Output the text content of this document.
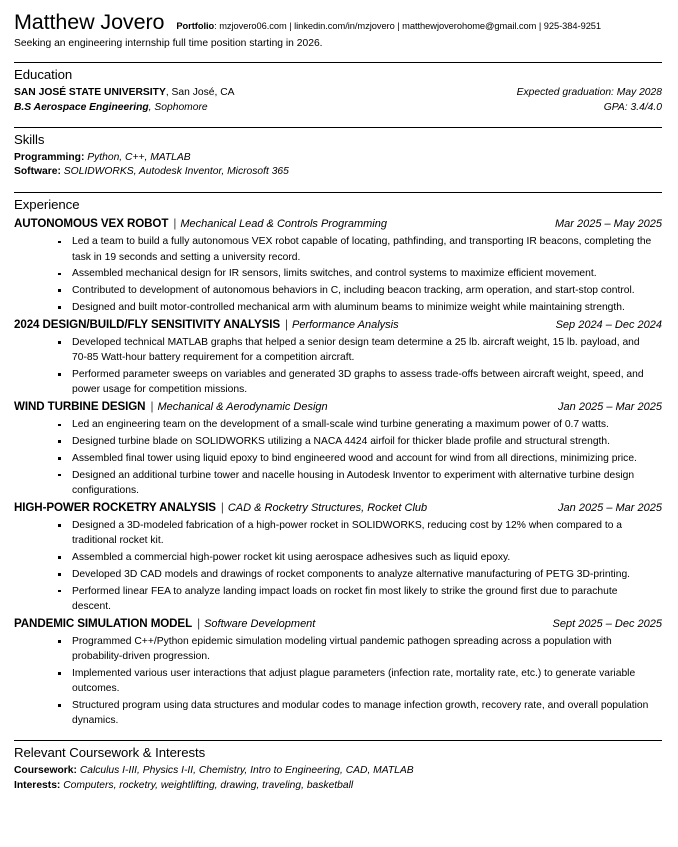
Matthew Jovero Portfolio: mzjovero06.com | linkedin.com/in/mzjovero | matthewjoverohome@gmail.com | 925-384-9251
Seeking an engineering internship full time position starting in 2026.
Education
SAN JOSÉ STATE UNIVERSITY, San José, CA	Expected graduation: May 2028
B.S Aerospace Engineering, Sophomore	GPA: 3.4/4.0
Skills
Programming: Python, C++, MATLAB
Software: SOLIDWORKS, Autodesk Inventor, Microsoft 365
Experience
AUTONOMOUS VEX ROBOT | Mechanical Lead & Controls Programming	Mar 2025 – May 2025
Led a team to build a fully autonomous VEX robot capable of locating, pathfinding, and transporting IR beacons, completing the task in 19 seconds and setting a university record.
Assembled mechanical design for IR sensors, limits switches, and control systems to maximize efficient movement.
Contributed to development of autonomous behaviors in C, including beacon tracking, arm operation, and start-stop control.
Designed and built motor-controlled mechanical arm with aluminum beams to minimize weight while maintaining strength.
2024 DESIGN/BUILD/FLY SENSITIVITY ANALYSIS | Performance Analysis	Sep 2024 – Dec 2024
Developed technical MATLAB graphs that helped a senior design team determine a 25 lb. aircraft weight, 15 lb. payload, and 70-85 Watt-hour battery requirement for a competition aircraft.
Performed parameter sweeps on variables and generated 3D graphs to assess trade-offs between aircraft weight, speed, and power usage for competition missions.
WIND TURBINE DESIGN | Mechanical & Aerodynamic Design	Jan 2025 – Mar 2025
Led an engineering team on the development of a small-scale wind turbine generating a maximum power of 0.7 watts.
Designed turbine blade on SOLIDWORKS utilizing a NACA 4424 airfoil for thicker blade profile and structural strength.
Assembled final tower using liquid epoxy to bind engineered wood and account for wind from all directions, minimizing price.
Designed an additional turbine tower and nacelle housing in Autodesk Inventor to experiment with alternative turbine design configurations.
HIGH-POWER ROCKETRY ANALYSIS | CAD & Rocketry Structures, Rocket Club	Jan 2025 – Mar 2025
Designed a 3D-modeled fabrication of a high-power rocket in SOLIDWORKS, reducing cost by 12% when compared to a traditional rocket kit.
Assembled a commercial high-power rocket kit using aerospace adhesives such as liquid epoxy.
Developed 3D CAD models and drawings of rocket components to analyze alternative manufacturing of PETG 3D-printing.
Performed linear FEA to analyze landing impact loads on rocket fin most likely to strike the ground first due to parachute descent.
PANDEMIC SIMULATION MODEL | Software Development	Sept 2025 – Dec 2025
Programmed C++/Python epidemic simulation modeling virtual pandemic pathogen spreading across a population with probability-driven progression.
Implemented various user interactions that adjust plague parameters (infection rate, mortality rate, etc.) to generate variable outcomes.
Structured program using data structures and modular codes to manage infection growth, recovery rate, and overall population dynamics.
Relevant Coursework & Interests
Coursework: Calculus I-III, Physics I-II, Chemistry, Intro to Engineering, CAD, MATLAB
Interests: Computers, rocketry, weightlifting, drawing, traveling, basketball
